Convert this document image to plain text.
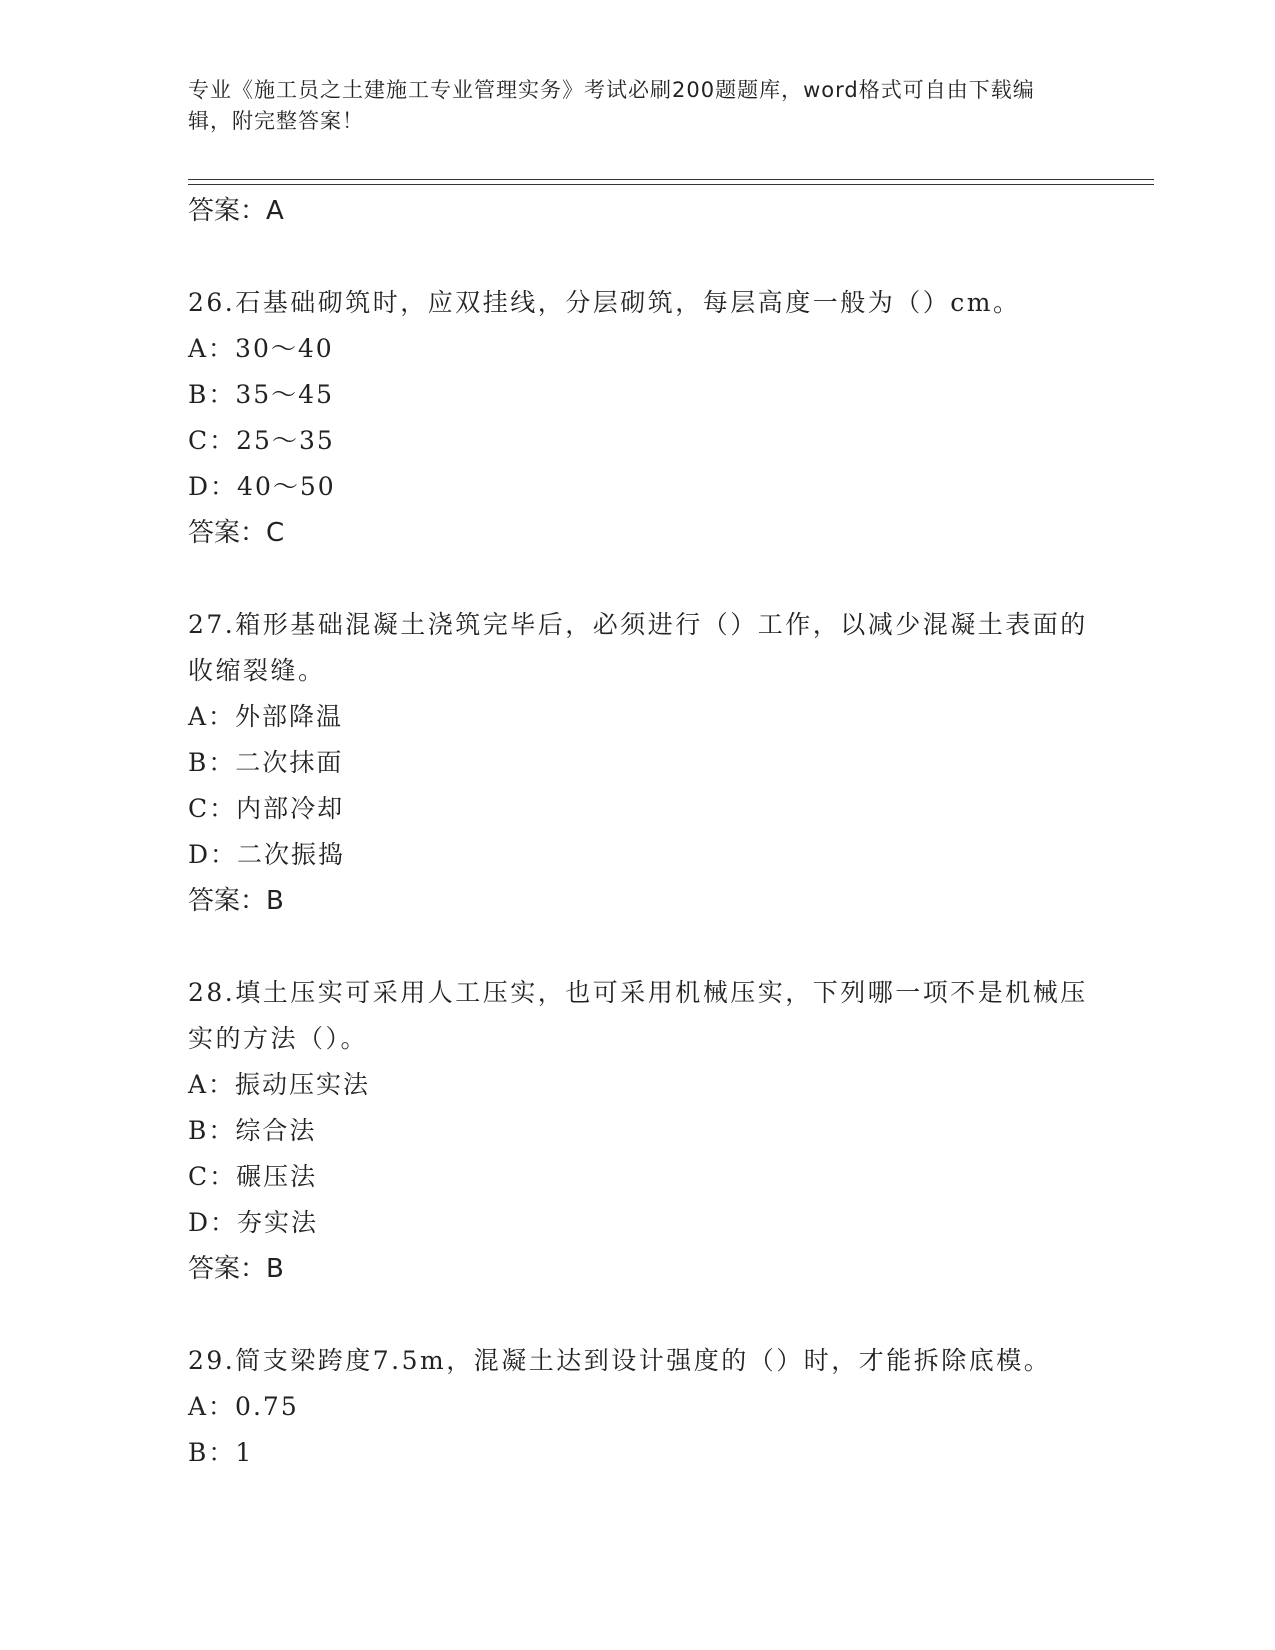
专业《施工员之土建施工专业管理实务》考试必刷200题题库，word格式可自由下载编辑，附完整答案！

答案：A

26.石基础砌筑时，应双挂线，分层砌筑，每层高度一般为（）cm。

A：30～40

B：35～45

C：25～35

D：40～50

答案：C

27.箱形基础混凝土浇筑完毕后，必须进行（）工作，以减少混凝土表面的收缩裂缝。

A：外部降温

B：二次抹面

C：内部冷却

D：二次振捣

答案：B

28.填土压实可采用人工压实，也可采用机械压实，下列哪一项不是机械压实的方法（）。

A：振动压实法

B：综合法

C：碾压法

D：夯实法

答案：B

29.简支梁跨度7.5m，混凝土达到设计强度的（）时，才能拆除底模。

A：0.75

B：1
